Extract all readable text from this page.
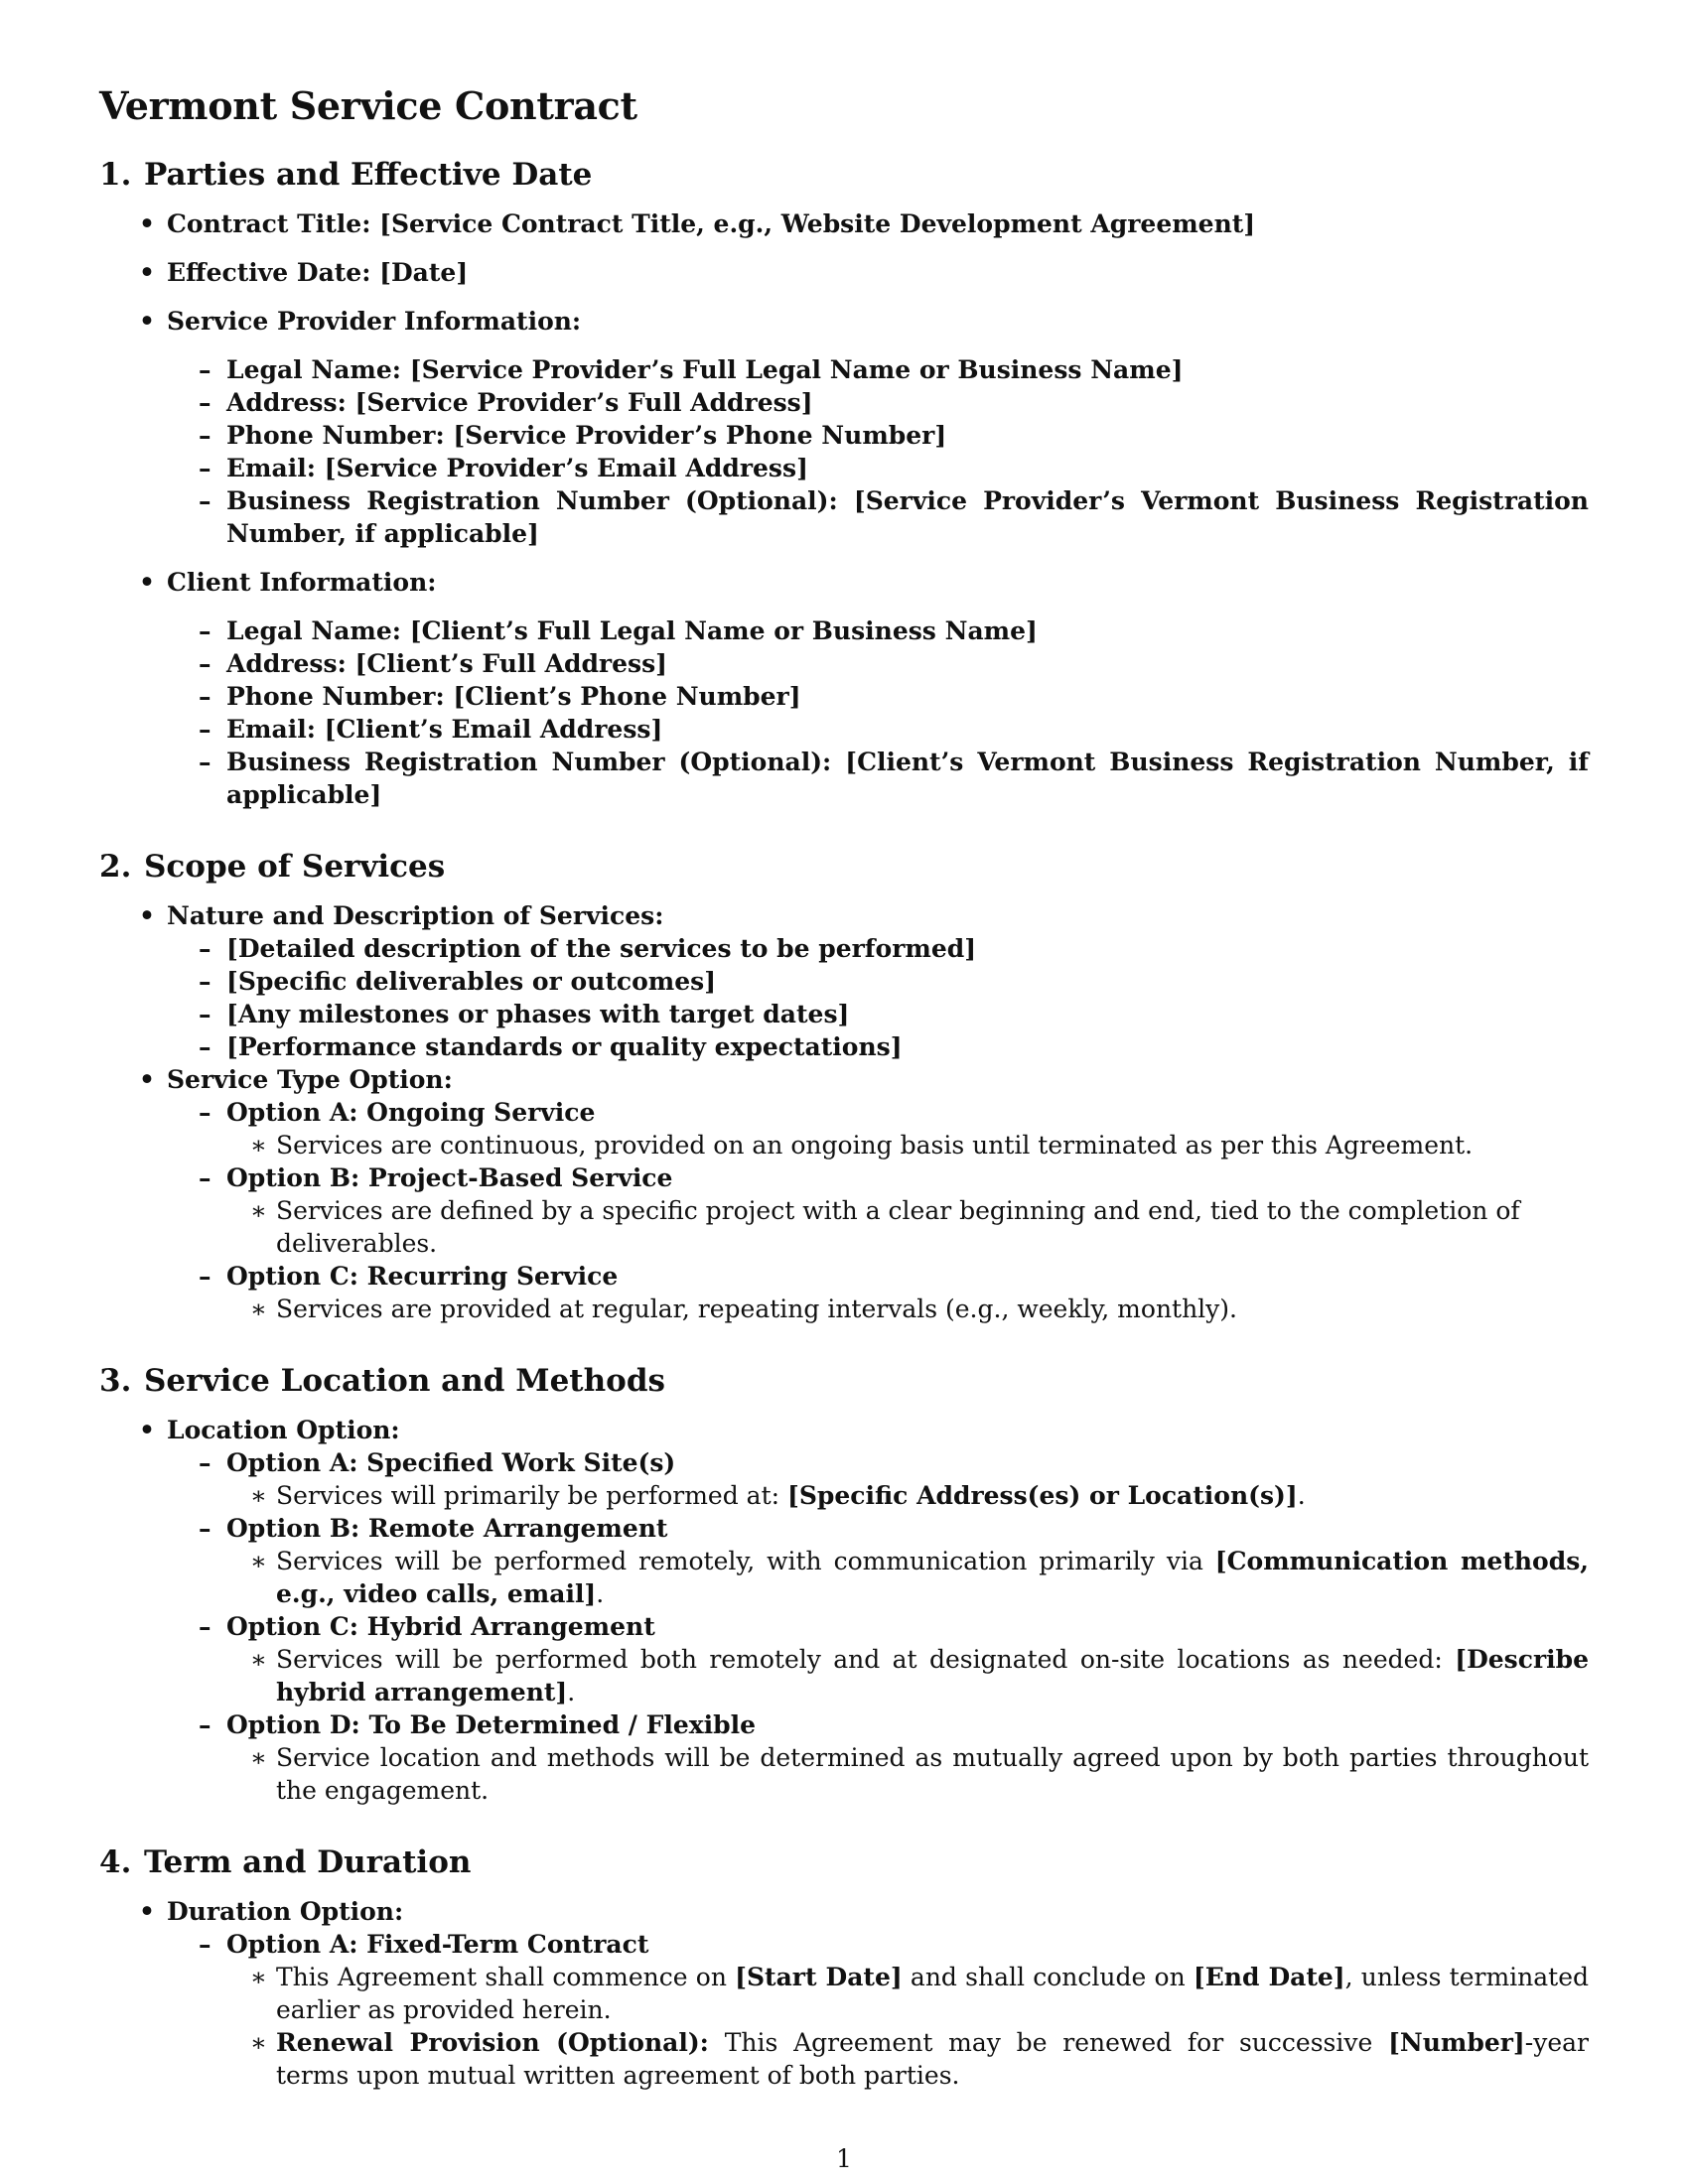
Vermont Service Contract
1. Parties and Effective Date
• Contract Title: [Service Contract Title, e.g., Website Development Agreement]
• Effective Date: [Date]
• Service Provider Information:
– Legal Name: [Service Provider’s Full Legal Name or Business Name]
– Address: [Service Provider’s Full Address]
– Phone Number: [Service Provider’s Phone Number]
– Email: [Service Provider’s Email Address]
– Business Registration Number (Optional): [Service Provider’s Vermont Business Registration Number, if applicable]
• Client Information:
– Legal Name: [Client’s Full Legal Name or Business Name]
– Address: [Client’s Full Address]
– Phone Number: [Client’s Phone Number]
– Email: [Client’s Email Address]
– Business Registration Number (Optional): [Client’s Vermont Business Registration Number, if applicable]
2. Scope of Services
• Nature and Description of Services:
– [Detailed description of the services to be performed]
– [Specific deliverables or outcomes]
– [Any milestones or phases with target dates]
– [Performance standards or quality expectations]
• Service Type Option:
– Option A: Ongoing Service
∗ Services are continuous, provided on an ongoing basis until terminated as per this Agreement.
– Option B: Project-Based Service
∗ Services are defined by a specific project with a clear beginning and end, tied to the completion of deliverables.
– Option C: Recurring Service
∗ Services are provided at regular, repeating intervals (e.g., weekly, monthly).
3. Service Location and Methods
• Location Option:
– Option A: Specified Work Site(s)
∗ Services will primarily be performed at: [Specific Address(es) or Location(s)].
– Option B: Remote Arrangement
∗ Services will be performed remotely, with communication primarily via [Communication methods, e.g., video calls, email].
– Option C: Hybrid Arrangement
∗ Services will be performed both remotely and at designated on-site locations as needed: [Describe hybrid arrangement].
– Option D: To Be Determined / Flexible
∗ Service location and methods will be determined as mutually agreed upon by both parties throughout the engagement.
4. Term and Duration
• Duration Option:
– Option A: Fixed-Term Contract
∗ This Agreement shall commence on [Start Date] and shall conclude on [End Date], unless terminated earlier as provided herein.
∗ Renewal Provision (Optional): This Agreement may be renewed for successive [Number]-year terms upon mutual written agreement of both parties.
1
